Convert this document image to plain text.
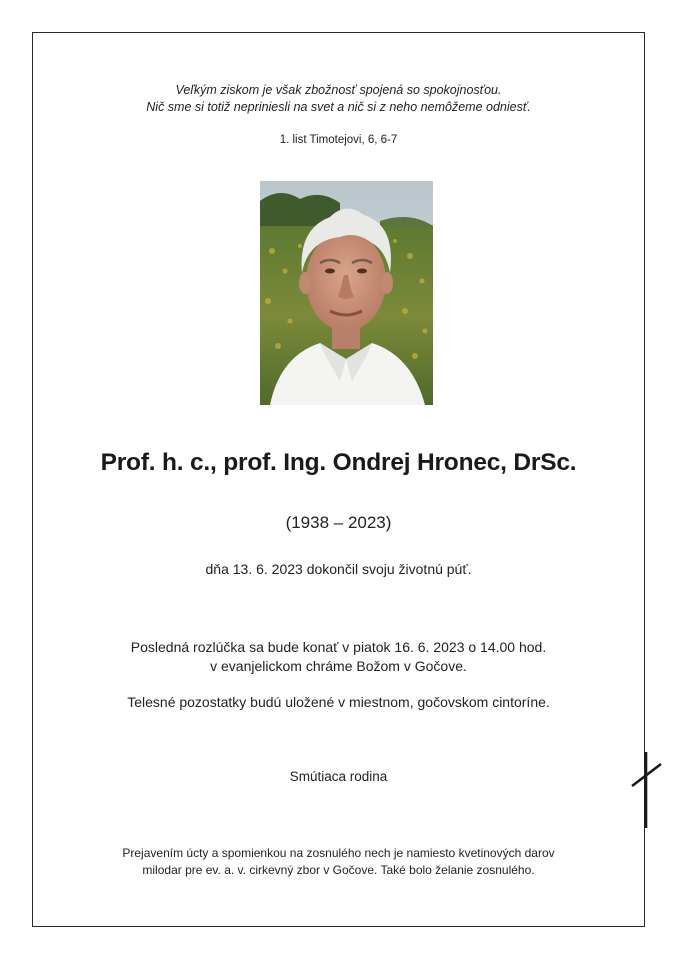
Veľkým ziskom je však zbožnosť spojená so spokojnosťou.
Nič sme si totiž nepriniesli na svet a nič si z neho nemôžeme odniesť.
1. list Timotejovi, 6, 6-7
Prof. h. c., prof. Ing. Ondrej Hronec, DrSc.
(1938 – 2023)
dňa 13. 6. 2023 dokončil svoju životnú púť.
Posledná rozlúčka sa bude konať v piatok 16. 6. 2023 o 14.00 hod.
v evanjelickom chráme Božom v Gočove.
Telesné pozostatky budú uložené v miestnom, gočovskom cintoríne.
Smútiaca rodina
Prejavením úcty a spomienkou na zosnulého nech je namiesto kvetinových darov
milodar pre ev. a. v. cirkevný zbor v Gočove. Také bolo želanie zosnulého.
